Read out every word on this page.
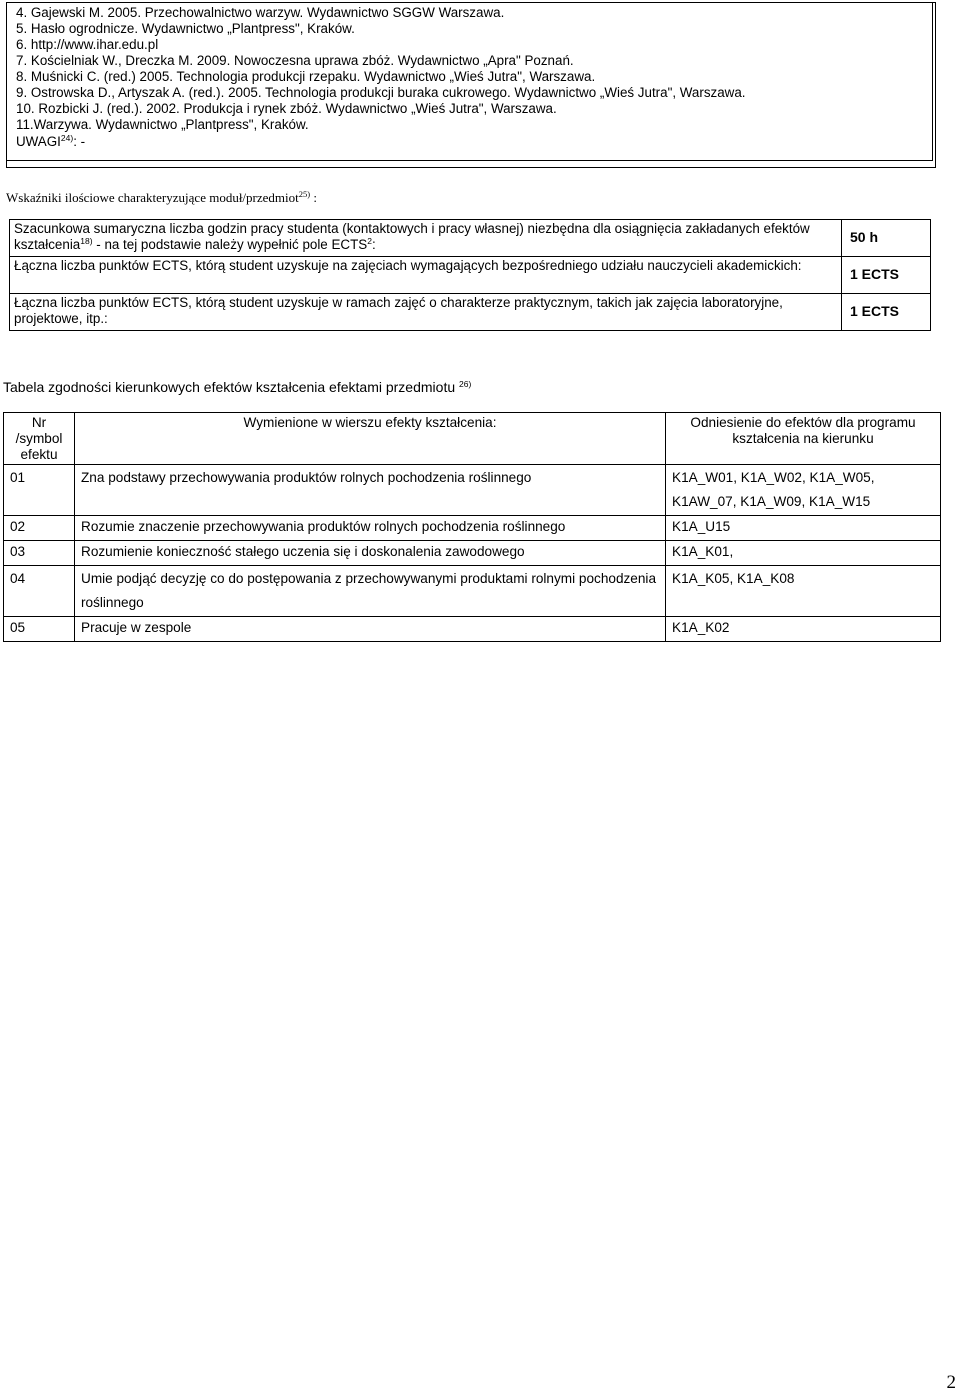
4. Gajewski M. 2005. Przechowalnictwo warzyw. Wydawnictwo SGGW Warszawa.
5. Hasło ogrodnicze. Wydawnictwo „Plantpress", Kraków.
6. http://www.ihar.edu.pl
7. Kościelniak W., Dreczka M. 2009. Nowoczesna uprawa zbóż. Wydawnictwo „Apra" Poznań.
8. Muśnicki C. (red.) 2005. Technologia produkcji rzepaku. Wydawnictwo „Wieś Jutra", Warszawa.
9. Ostrowska D., Artyszak A. (red.). 2005. Technologia produkcji buraka cukrowego. Wydawnictwo „Wieś Jutra", Warszawa.
10. Rozbicki J. (red.). 2002. Produkcja i rynek zbóż. Wydawnictwo „Wieś Jutra", Warszawa.
11.Warzywa. Wydawnictwo „Plantpress", Kraków.
UWAGI$^{24)}$: -
Wskaźniki ilościowe charakteryzujące moduł/przedmiot$^{25)}$ :
Szacunkowa sumaryczna liczba godzin pracy studenta (kontaktowych i pracy własnej) niezbędna dla osiągnięcia zakładanych efektów kształcenia$^{18)}$ - na tej podstawie należy wypełnić pole ECTS$^2$:	50 h
Łączna liczba punktów ECTS, którą student uzyskuje na zajęciach wymagających bezpośredniego udziału nauczycieli akademickich:	1 ECTS
Łączna liczba punktów ECTS, którą student uzyskuje w ramach zajęć o charakterze praktycznym, takich jak zajęcia laboratoryjne, projektowe, itp.:	1 ECTS
Tabela zgodności kierunkowych efektów kształcenia efektami przedmiotu $^{26)}$
Nr /symbol efektu	Wymienione w wierszu efekty kształcenia:	Odniesienie do efektów dla programu kształcenia na kierunku
01	Zna podstawy przechowywania produktów rolnych pochodzenia roślinnego	K1A_W01, K1A_W02, K1A_W05, K1AW_07, K1A_W09, K1A_W15
02	Rozumie znaczenie przechowywania produktów rolnych pochodzenia roślinnego	K1A_U15
03	Rozumienie konieczność stałego uczenia się i doskonalenia zawodowego	K1A_K01,
04	Umie podjąć decyzję co do postępowania z przechowywanymi produktami rolnymi pochodzenia roślinnego	K1A_K05, K1A_K08
05	Pracuje w zespole	K1A_K02
2
